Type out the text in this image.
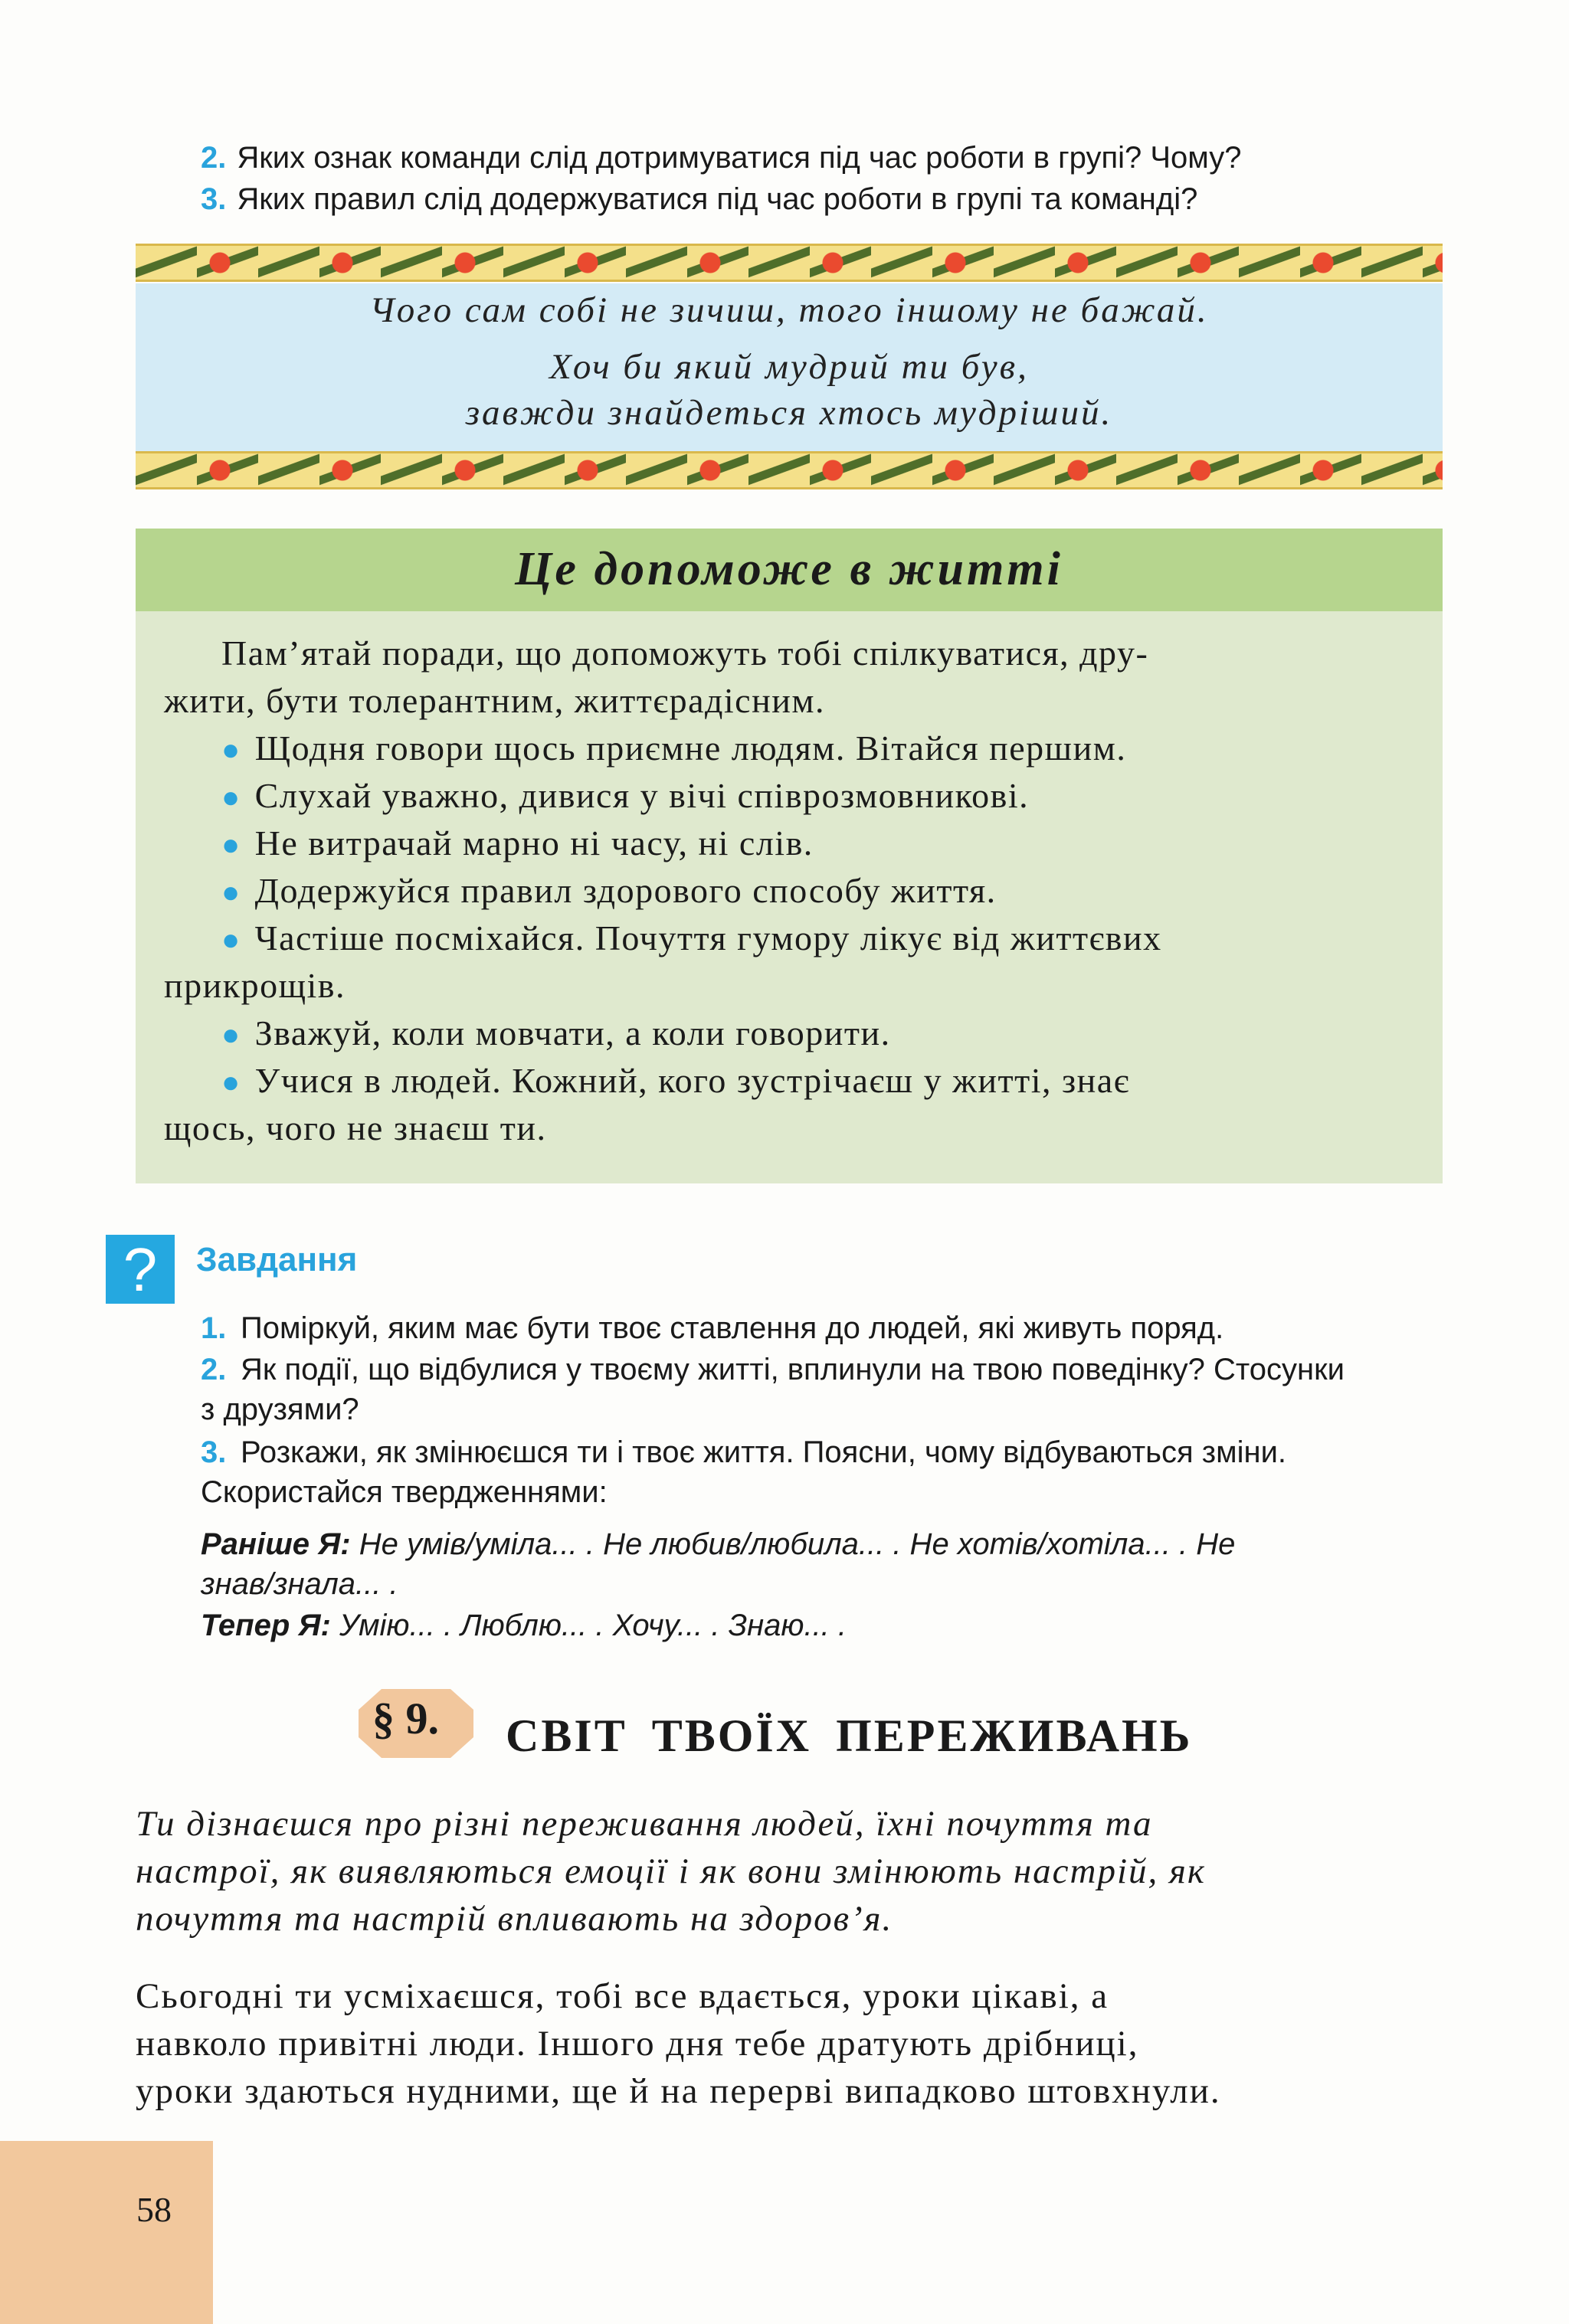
2. Яких ознак команди слід дотримуватися під час роботи в групі? Чому?
3. Яких правил слід додержуватися під час роботи в групі та команді?
Чого сам собі не зичиш, того іншому не бажай.
Хоч би який мудрий ти був,
завжди знайдеться хтось мудріший.
Це допоможе в житті
Пам’ятай поради, що допоможуть тобі спілкуватися, дру-
жити, бути толерантним, життєрадісним.
● Щодня говори щось приємне людям. Вітайся першим.
● Слухай уважно, дивися у вічі співрозмовникові.
● Не витрачай марно ні часу, ні слів.
● Додержуйся правил здорового способу життя.
● Частіше посміхайся. Почуття гумору лікує від життєвих
прикрощів.
● Зважуй, коли мовчати, а коли говорити.
● Учися в людей. Кожний, кого зустрічаєш у житті, знає
щось, чого не знаєш ти.
?	Завдання
1. Поміркуй, яким має бути твоє ставлення до людей, які живуть поряд.
2. Як події, що відбулися у твоєму житті, вплинули на твою поведінку? Стосунки
з друзями?
3. Розкажи, як змінюєшся ти і твоє життя. Поясни, чому відбуваються зміни.
Скористайся твердженнями:
Раніше Я: Не умів/уміла... . Не любив/любила... . Не хотів/хотіла... . Не
знав/знала... .
Тепер Я: Умію... . Люблю... . Хочу... . Знаю... .
§ 9. СВІТ ТВОЇХ ПЕРЕЖИВАНЬ
Ти дізнаєшся про різні переживання людей, їхні почуття та
настрої, як виявляються емоції і як вони змінюють настрій, як
почуття та настрій впливають на здоров’я.
Сьогодні ти усміхаєшся, тобі все вдається, уроки цікаві, а
навколо привітні люди. Іншого дня тебе дратують дрібниці,
уроки здаються нудними, ще й на перерві випадково штовхнули.
58
